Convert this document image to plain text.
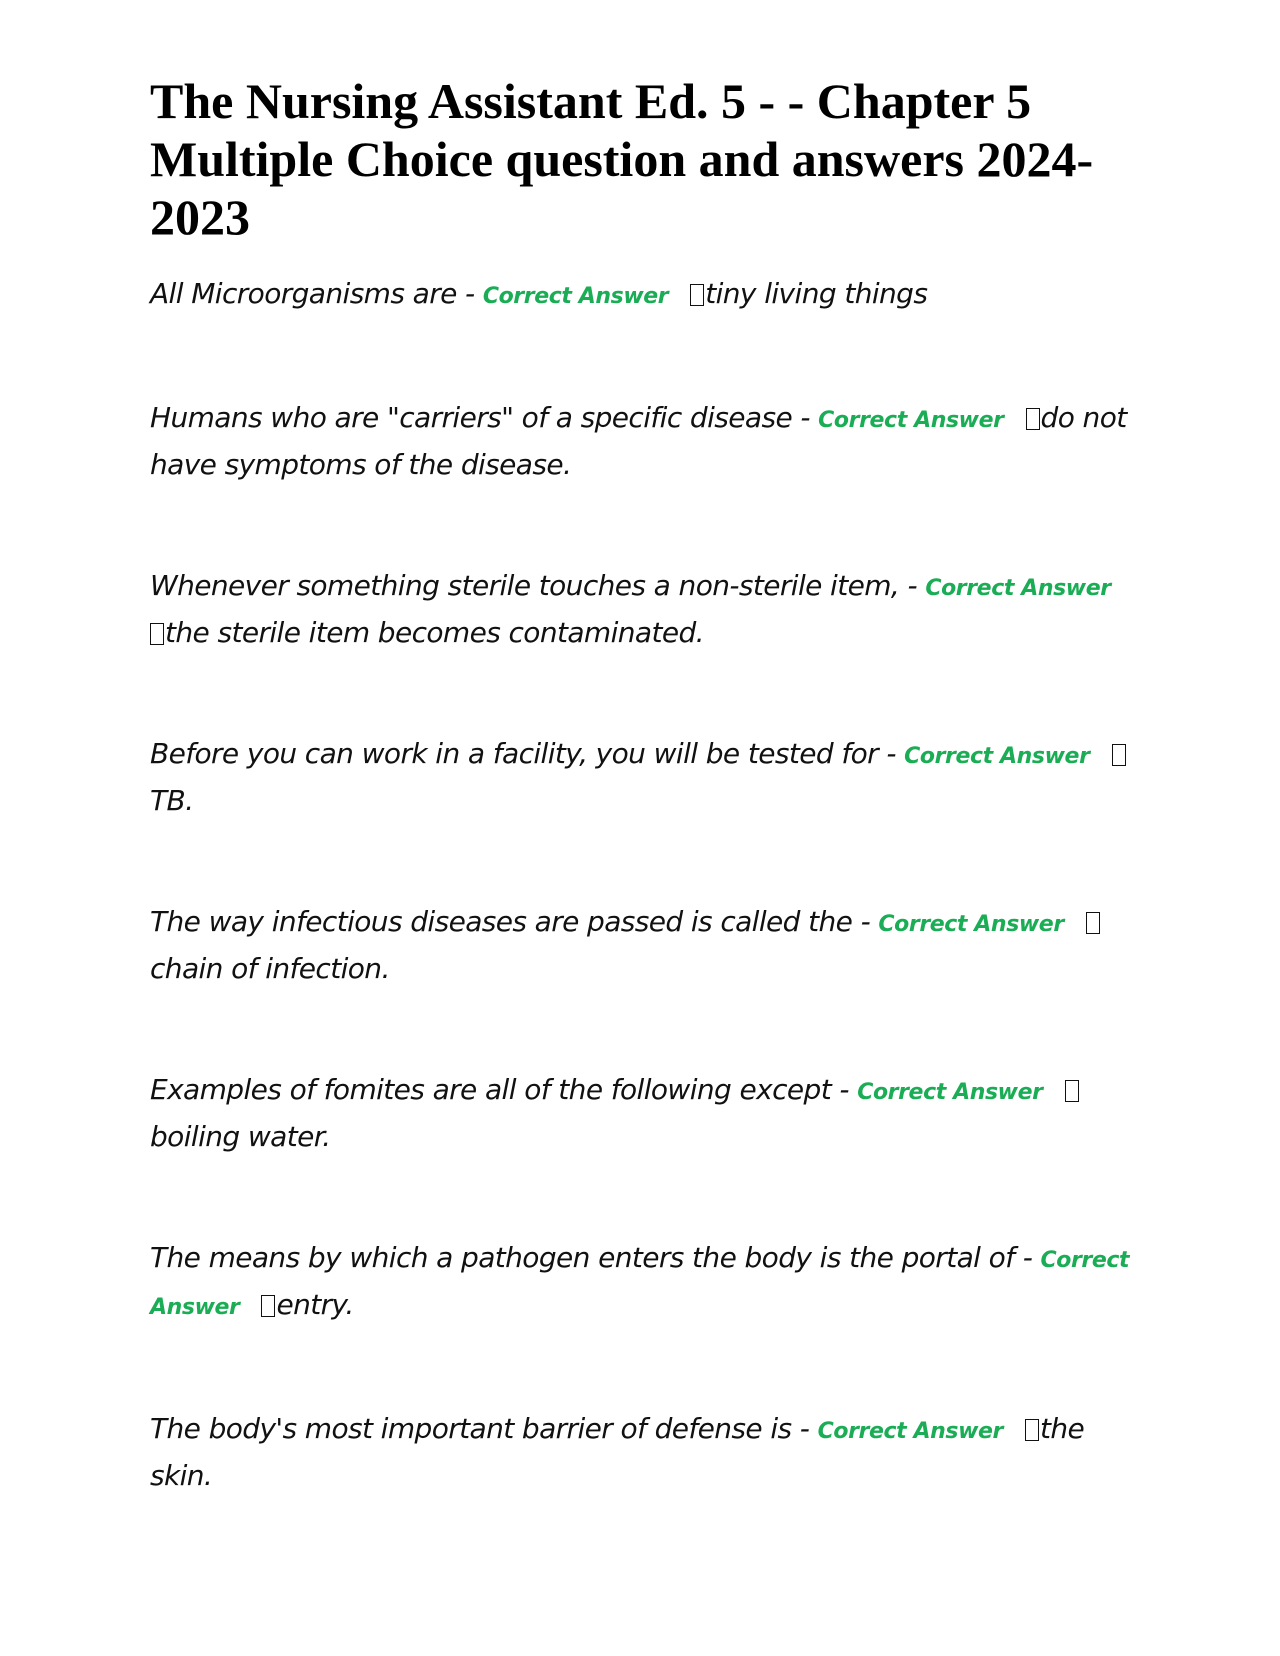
The Nursing Assistant Ed. 5 - - Chapter 5 Multiple Choice question and answers 2024-2023

All Microorganisms are - Correct Answer tiny living things

Humans who are "carriers" of a specific disease - Correct Answer do not have symptoms of the disease.

Whenever something sterile touches a non-sterile item, - Correct Answerthe sterile item becomes contaminated.

Before you can work in a facility, you will be tested for - Correct AnswerTB.

The way infectious diseases are passed is called the - Correct Answerchain of infection.

Examples of fomites are all of the following except - Correct Answerboiling water.

The means by which a pathogen enters the body is the portal of - Correct Answer entry.

The body's most important barrier of defense is - Correct Answer the skin.
